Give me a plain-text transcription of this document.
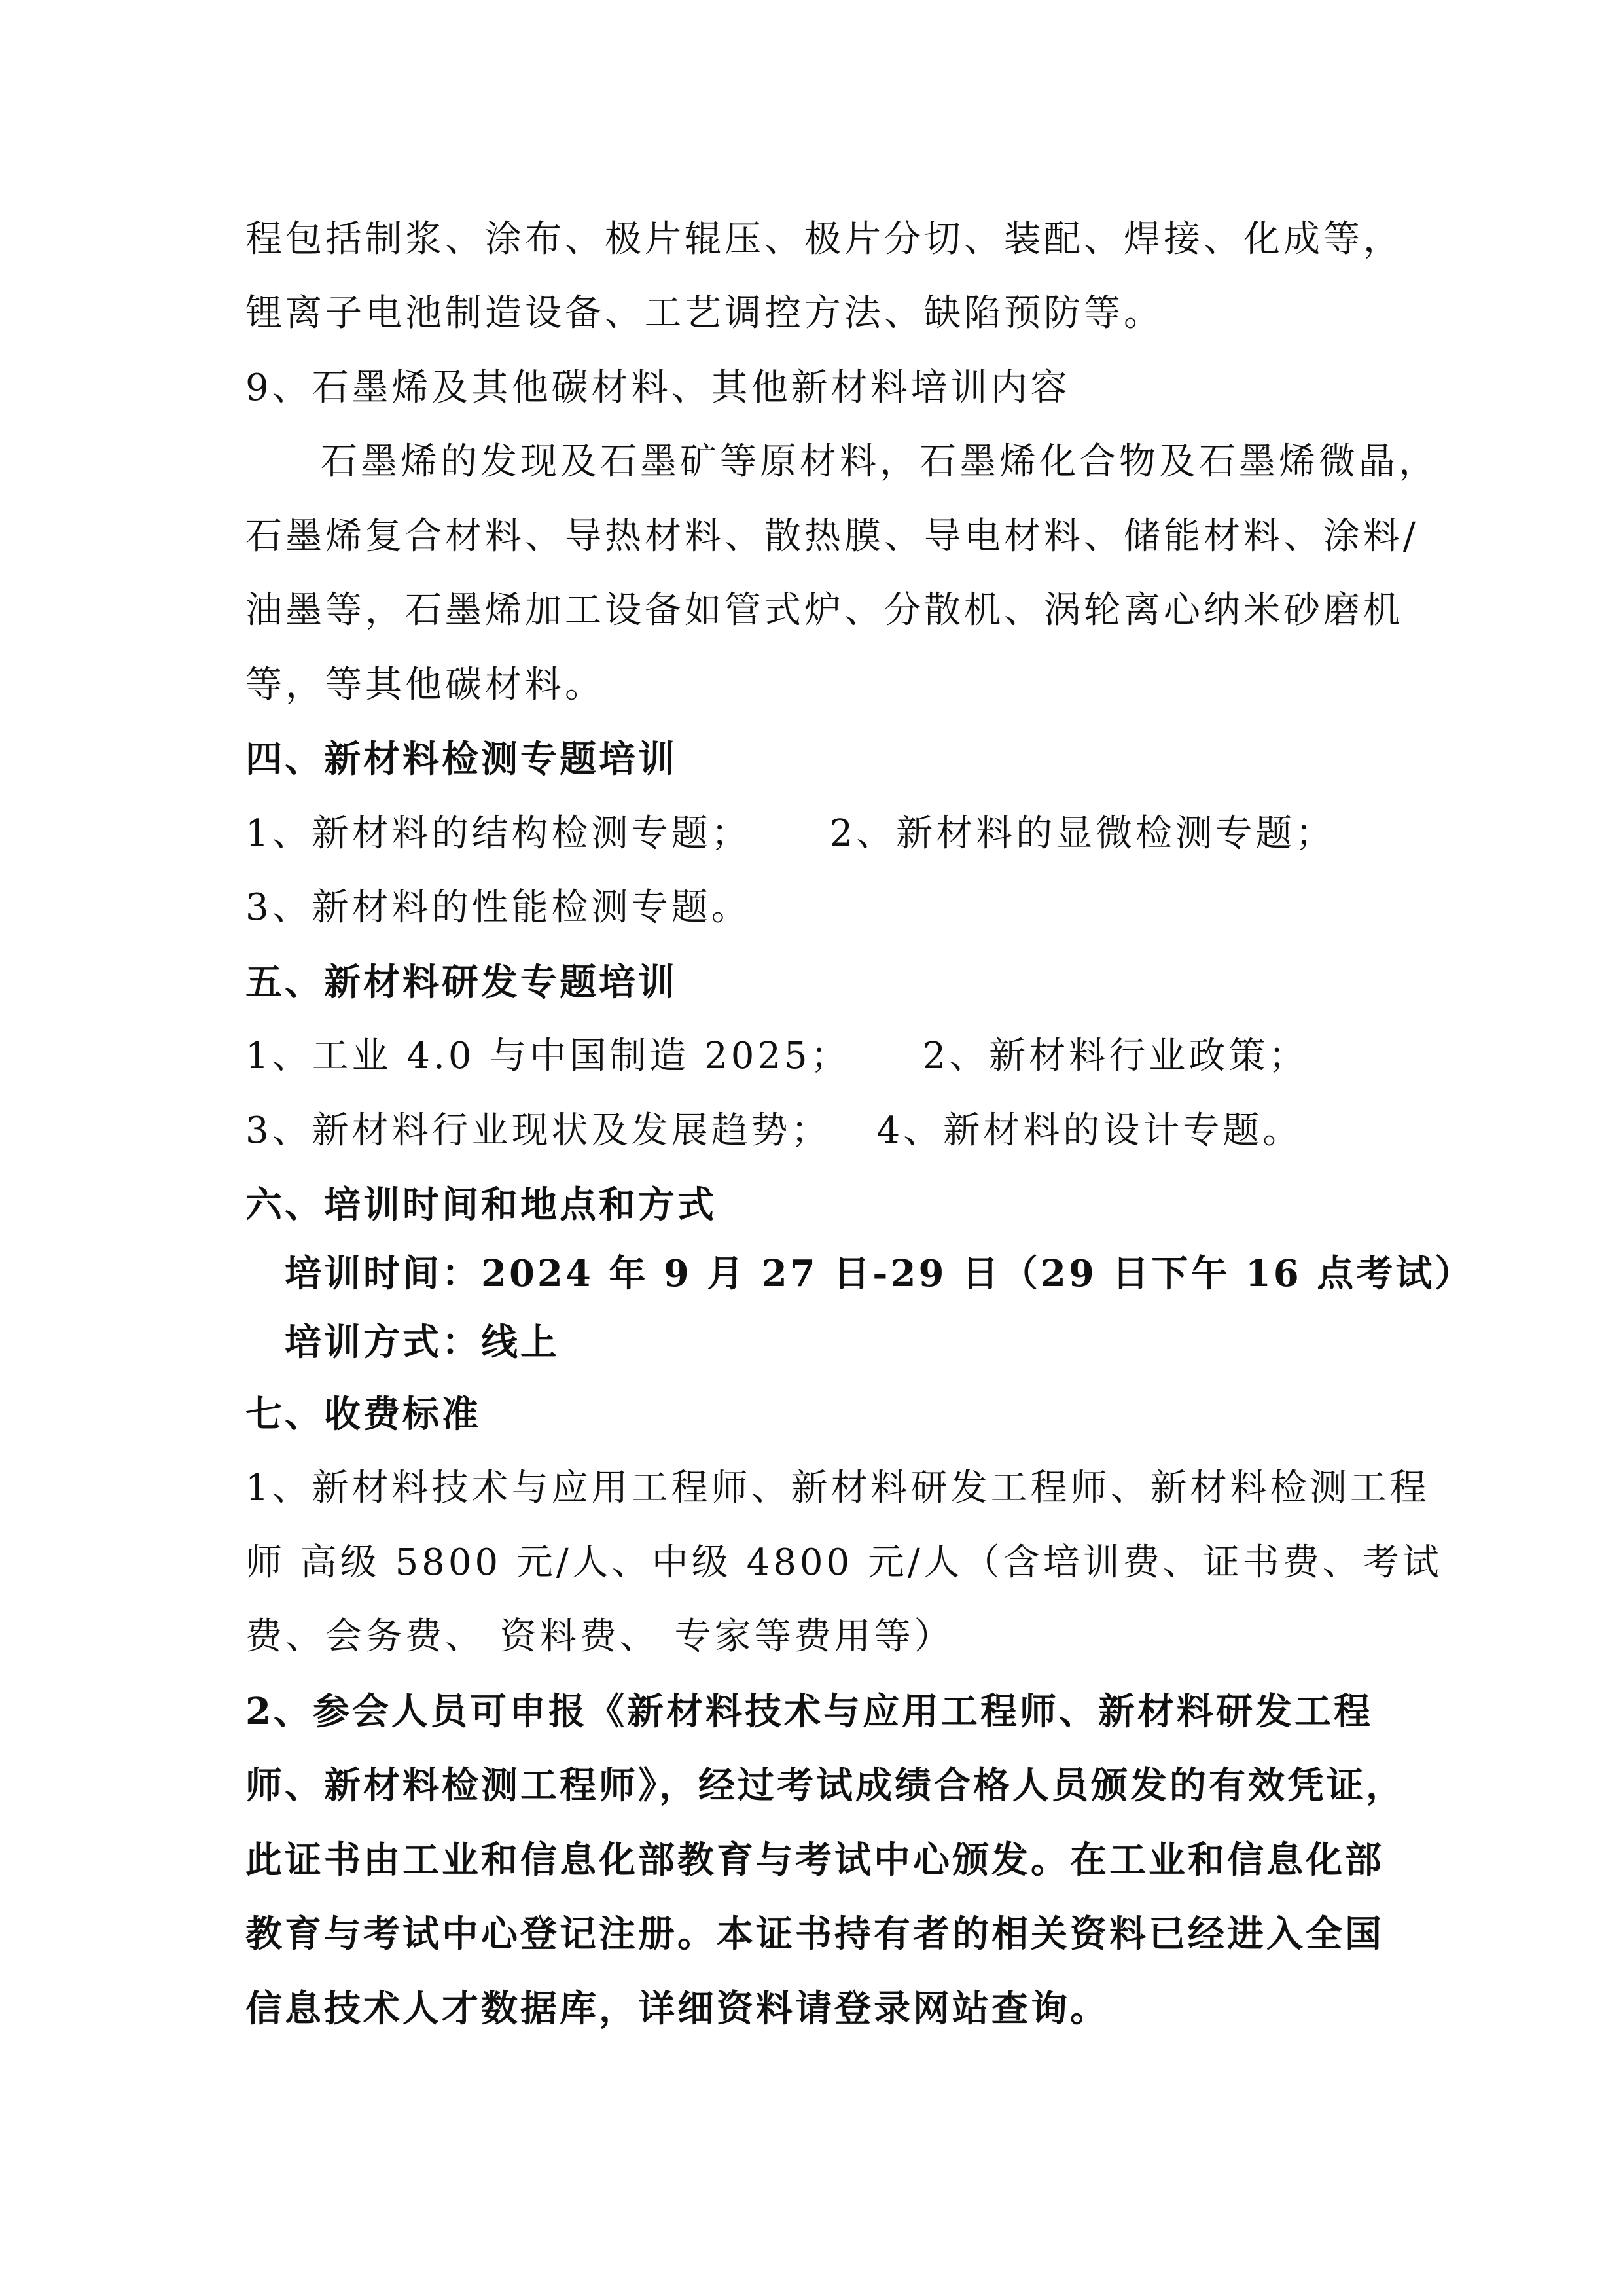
程包括制浆、涂布、极片辊压、极片分切、装配、焊接、化成等，
锂离子电池制造设备、工艺调控方法、缺陷预防等。
9、石墨烯及其他碳材料、其他新材料培训内容
石墨烯的发现及石墨矿等原材料，石墨烯化合物及石墨烯微晶，
石墨烯复合材料、导热材料、散热膜、导电材料、储能材料、涂料/
油墨等，石墨烯加工设备如管式炉、分散机、涡轮离心纳米砂磨机
等，等其他碳材料。
四、新材料检测专题培训
1、新材料的结构检测专题； 2、新材料的显微检测专题；
3、新材料的性能检测专题。
五、新材料研发专题培训
1、工业 4.0 与中国制造 2025； 2、新材料行业政策；
3、新材料行业现状及发展趋势； 4、新材料的设计专题。
六、培训时间和地点和方式
培训时间：2024 年 9 月 27 日-29 日（29 日下午 16 点考试）
培训方式：线上
七、收费标准
1、新材料技术与应用工程师、新材料研发工程师、新材料检测工程
师 高级 5800 元/人、中级 4800 元/人（含培训费、证书费、考试
费、会务费、 资料费、 专家等费用等）
2、参会人员可申报《新材料技术与应用工程师、新材料研发工程
师、新材料检测工程师》，经过考试成绩合格人员颁发的有效凭证，
此证书由工业和信息化部教育与考试中心颁发。在工业和信息化部
教育与考试中心登记注册。本证书持有者的相关资料已经进入全国
信息技术人才数据库，详细资料请登录网站查询。
